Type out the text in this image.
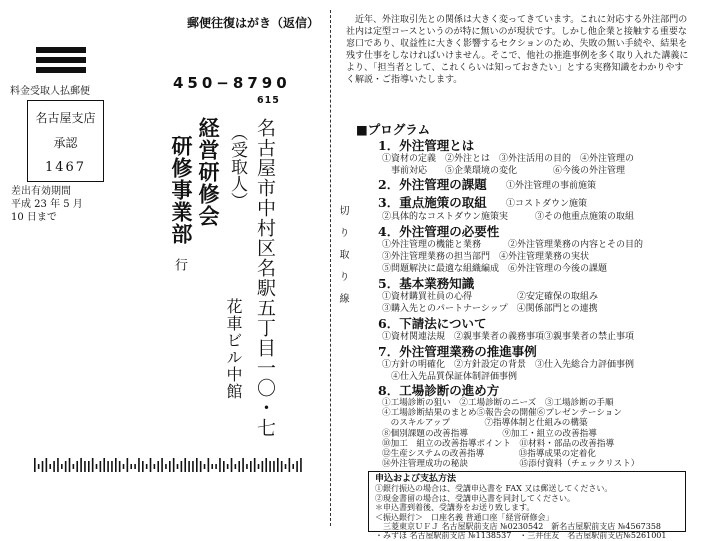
郵便往復はがき（返信）
料金受取人払郵便
名古屋支店
承認
1467
差出有効期間
平成 23 年 5 月
10 日まで
450−8790
615
名古屋市中村区名駅五丁目一〇・七
花車ビル中館
（受取人）
経営研修会
研修事業部
行	切り取り線
近年、外注取引先との関係は大きく変ってきています。これに対応する外注部門の社内は定型コースというのが特に無いのが現状です。しかし他企業と接触する重要な窓口であり、収益性に大きく影響するセクションのため、失敗の無い手続や、結果を残す仕事をしなければいけません。そこで、他社の推進事例を多く取り入れた講義により、「担当者として、これくらいは知っておきたい」とする実務知識をわかりやすく解説・ご指導いたします。
■プログラム
1．外注管理とは
①資材の定義　②外注とは　③外注活用の目的　④外注管理の
　事前対応　　⑤企業環境の変化　　　　⑥今後の外注管理
2．外注管理の課題 ①外注管理の事前施策
3．重点施策の取組 ①コストダウン施策
②具体的なコストダウン施策実　　　③その他重点施策の取組
4．外注管理の必要性
①外注管理の機能と業務　　　②外注管理業務の内容とその目的
③外注管理業務の担当部門　④外注管理業務の実状
⑤問題解決に最適な組織編成　⑥外注管理の今後の課題
5．基本業務知識
①資材購買社員の心得　　　　　②安定確保の取組み
③購入先とのパートナーシップ　④関係部門との連携
6．下請法について
①資材関連法規　②親事業者の義務事項③親事業者の禁止事項
7．外注管理業務の推進事例
①方針の明確化　②方針設定の背景　③仕入先総合力評価事例
　④仕入先品質保証体制評価事例
8．工場診断の進め方
①工場診断の狙い　②工場診断のニーズ　③工場診断の手順
④工場診断結果のまとめ⑤報告会の開催⑥プレゼンテーション
　のスキルアップ　　　　⑦指導体制と仕組みの構築
申込および支払方法
①銀行振込の場合は、受講申込書を FAX 又は郵送してください。
②現金書留の場合は、受講申込書を同封してください。
＊申込書到着後、受講券をお送り致します。
＜振込銀行＞　口座名義 普通口座「経営研修会」
　三菱東京ＵＦＪ 名古屋駅前支店 №0230542　新名古屋駅前支店 №4567358
・みずほ 名古屋駅前支店 №1138537　・三井住友　名古屋駅前支店№5261001
⑧個別課題の改善指導　　　　⑨加工・組立の改善指導
⑩加工　組立の改善指導ポイント　⑪材料・部品の改善指導
⑫生産システムの改善指導　　　　⑬指導成果の定着化
⑭外注管理成功の秘訣　　　　　　⑮添付資料（チェックリスト）
